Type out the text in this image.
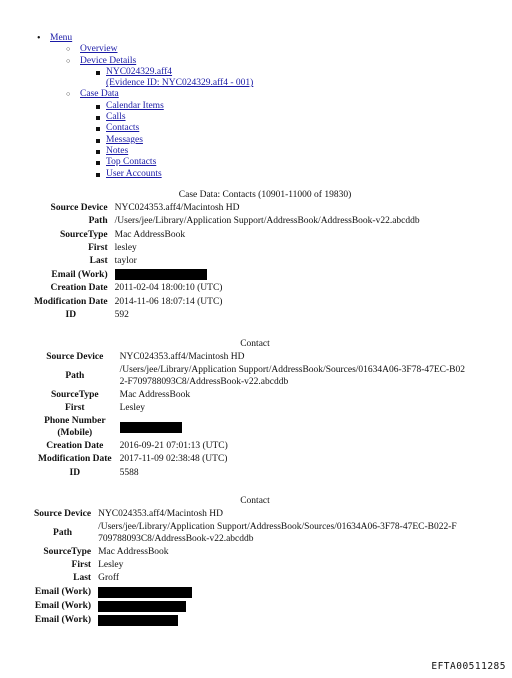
• Menu
○ Overview
○ Device Details
NYC024329.aff4
(Evidence ID: NYC024329.aff4 - 001)
○ Case Data
Calendar Items
Calls
Contacts
Messages
Notes
Top Contacts
User Accounts
Case Data: Contacts (10901-11000 of 19830)
Source Device	NYC024353.aff4/Macintosh HD
Path	/Users/jee/Library/Application Support/AddressBook/AddressBook-v22.abcddb
SourceType	Mac AddressBook
First	lesley
Last	taylor
Email (Work)	
Creation Date	2011-02-04 18:00:10 (UTC)
Modification Date	2014-11-06 18:07:14 (UTC)
ID	592
Contact
Source Device	NYC024353.aff4/Macintosh HD
Path	/Users/jee/Library/Application Support/AddressBook/Sources/01634A06-3F78-47EC-B02
2-F709788093C8/AddressBook-v22.abcddb
SourceType	Mac AddressBook
First	Lesley
Phone Number
(Mobile)	
Creation Date	2016-09-21 07:01:13 (UTC)
Modification Date	2017-11-09 02:38:48 (UTC)
ID	5588
Contact
Source Device	NYC024353.aff4/Macintosh HD
Path	/Users/jee/Library/Application Support/AddressBook/Sources/01634A06-3F78-47EC-B022-F
709788093C8/AddressBook-v22.abcddb
SourceType	Mac AddressBook
First	Lesley
Last	Groff
Email (Work)	
Email (Work)	
Email (Work)	
EFTA00511285
